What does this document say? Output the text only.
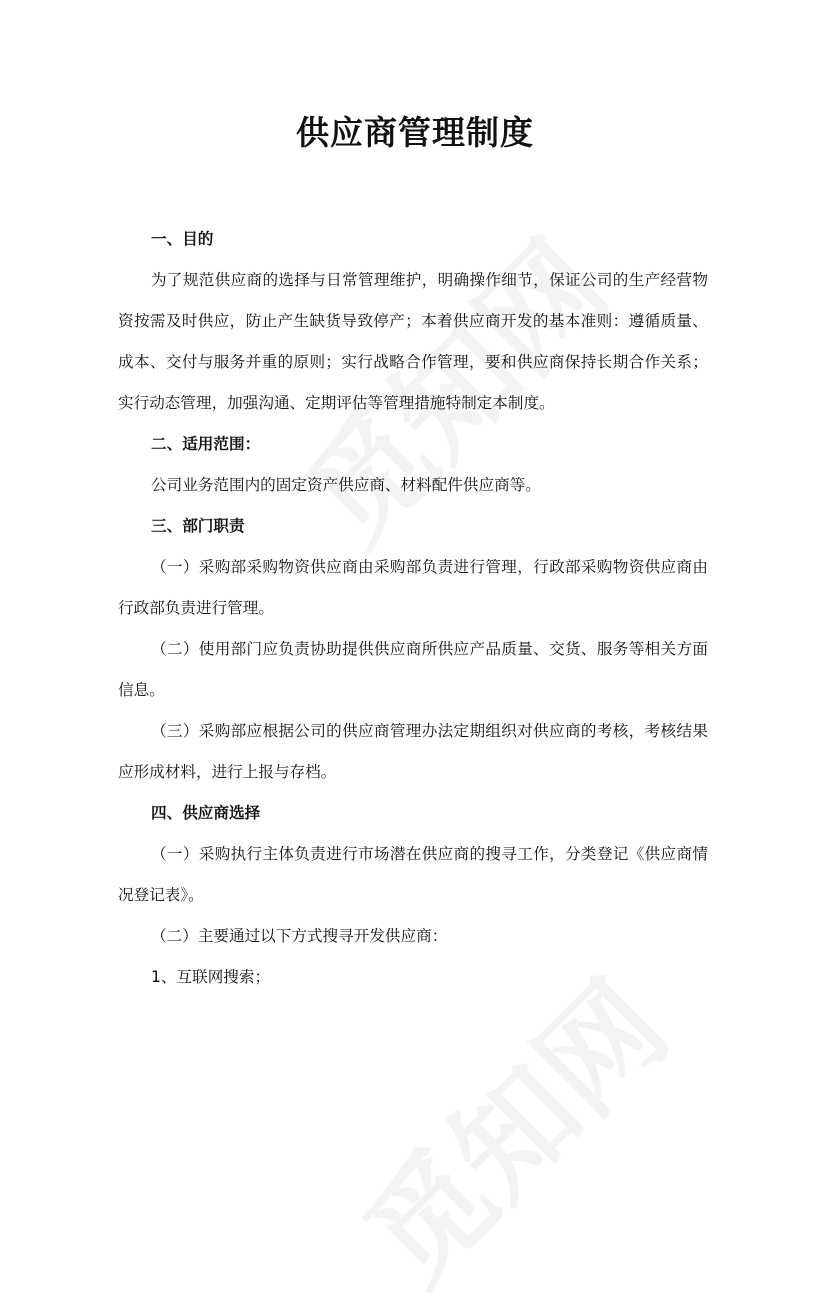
供应商管理制度

一、目的

为了规范供应商的选择与日常管理维护，明确操作细节，保证公司的生产经营物资按需及时供应，防止产生缺货导致停产；本着供应商开发的基本准则：遵循质量、成本、交付与服务并重的原则；实行战略合作管理，要和供应商保持长期合作关系；实行动态管理，加强沟通、定期评估等管理措施特制定本制度。

二、适用范围：

公司业务范围内的固定资产供应商、材料配件供应商等。

三、部门职责

（一）采购部采购物资供应商由采购部负责进行管理，行政部采购物资供应商由行政部负责进行管理。

（二）使用部门应负责协助提供供应商所供应产品质量、交货、服务等相关方面信息。

（三）采购部应根据公司的供应商管理办法定期组织对供应商的考核，考核结果应形成材料，进行上报与存档。

四、供应商选择

（一）采购执行主体负责进行市场潜在供应商的搜寻工作，分类登记《供应商情况登记表》。

（二）主要通过以下方式搜寻开发供应商：

1、互联网搜索；
